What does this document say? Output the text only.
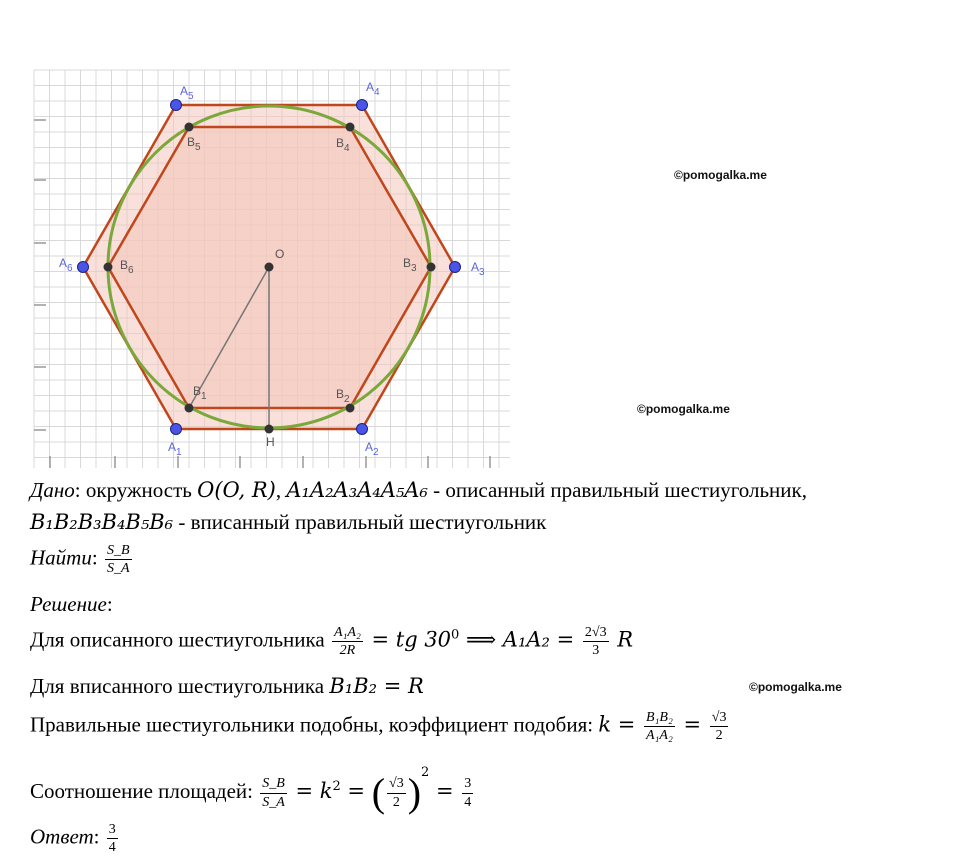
$A_1$	$A_2$
$A_3$
$A_4$
$A_5$
$A_6$
$B_1$	$B_2$
$B_3$
$B_4$
$B_5$
$B_6$
O
H
©pomogalka.me
©pomogalka.me
©pomogalka.me
Дано: окружность O(O, R), A₁A₂A₃A₄A₅A₆ - описанный правильный шестиугольник,
B₁B₂B₃B₄B₅B₆ - вписанный правильный шестиугольник
Найти: $\frac{S\_B}{S\_A}$
Решение:
Для описанного шестиугольника $\frac{\text{A₁A₂}}{2R}$ = tg $30^0$ ⟹ $A_1A_2 = \frac{2√3}{3}$ R
Для вписанного шестиугольника B₁B₂ = R
Правильные шестиугольники подобны, коэффициент подобия: $k = \frac{\text{B₁B₂}}{\text{A₁A₂}} = \frac{√3}{2}$
Соотношение площадей: $\frac{S\_B}{S\_A} = k^2$ = ( $\frac{√3}{2} )^2 = \frac{3}{4}$
Ответ: $\frac{3}{4}$
